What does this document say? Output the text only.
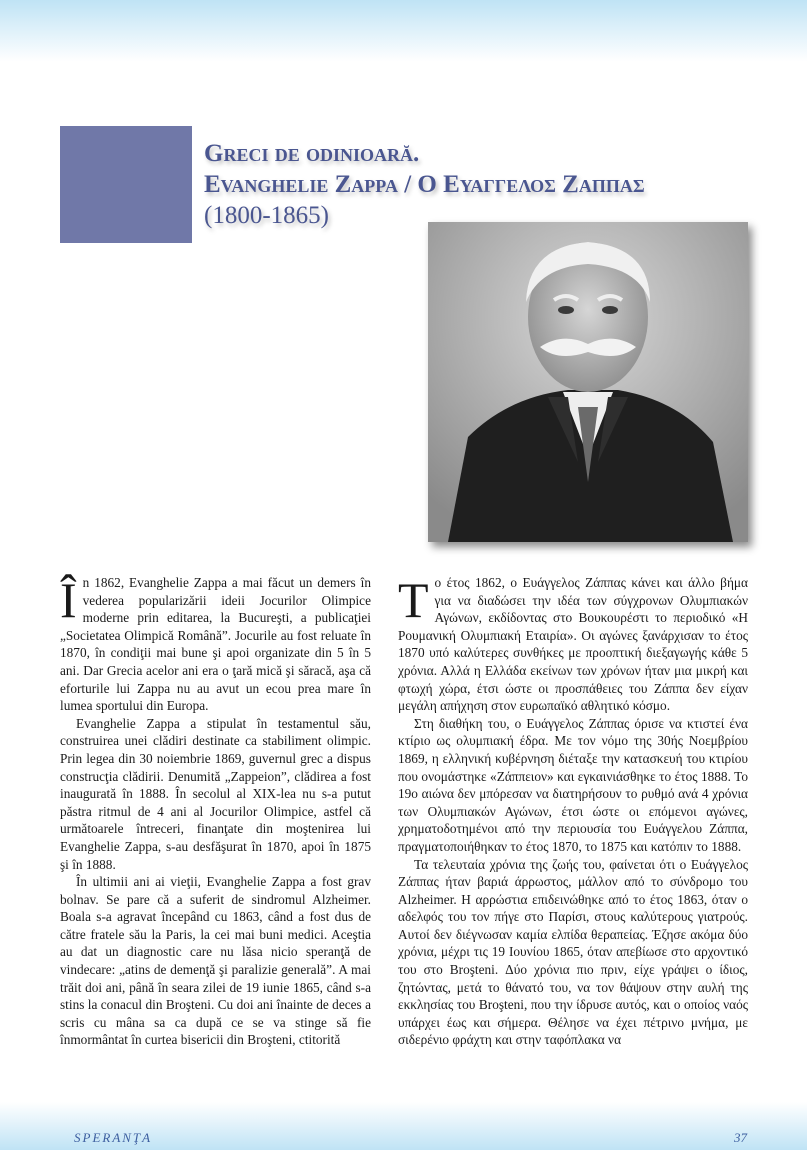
Greci de odinioară.
Evanghelie Zappa / Ο Ευαγγελος Ζαππας
(1800-1865)

În 1862, Evanghelie Zappa a mai făcut un demers în vederea popularizării ideii Jocurilor Olimpice moderne prin editarea, la Bucureşti, a publicaţiei „Societatea Olimpică Română”. Jocurile au fost reluate în 1870, în condiţii mai bune şi apoi organizate din 5 în 5 ani. Dar Grecia acelor ani era o ţară mică şi săracă, aşa că eforturile lui Zappa nu au avut un ecou prea mare în lumea sportului din Europa.

Evanghelie Zappa a stipulat în testamentul său, construirea unei clădiri destinate ca stabiliment olimpic. Prin legea din 30 noiembrie 1869, guvernul grec a dispus construcţia clădirii. Denumită „Zappeion”, clădirea a fost inaugurată în 1888. În secolul al XIX-lea nu s-a putut păstra ritmul de 4 ani al Jocurilor Olimpice, astfel că următoarele întreceri, finanţate din moştenirea lui Evanghelie Zappa, s-au desfăşurat în 1870, apoi în 1875 şi în 1888.

În ultimii ani ai vieţii, Evanghelie Zappa a fost grav bolnav. Se pare că a suferit de sindromul Alzheimer. Boala s-a agravat începând cu 1863, când a fost dus de către fratele său la Paris, la cei mai buni medici. Aceştia au dat un diagnostic care nu lăsa nicio speranţă de vindecare: „atins de demenţă şi paralizie generală”. A mai trăit doi ani, până în seara zilei de 19 iunie 1865, când s-a stins la conacul din Broşteni. Cu doi ani înainte de deces a scris cu mâna sa ca după ce se va stinge să fie înmormântat în curtea bisericii din Broşteni, ctitorită

Το έτος 1862, ο Ευάγγελος Ζάππας κάνει και άλλο βήμα για να διαδώσει την ιδέα των σύγχρονων Ολυμπιακών Αγώνων, εκδίδοντας στο Βουκουρέστι το περιοδικό «Η Ρουμανική Ολυμπιακή Εταιρία». Οι αγώνες ξανάρχισαν το έτος 1870 υπό καλύτερες συνθήκες με προοπτική διεξαγωγής κάθε 5 χρόνια. Αλλά η Ελλάδα εκείνων των χρόνων ήταν μια μικρή και φτωχή χώρα, έτσι ώστε οι προσπάθειες του Ζάππα δεν είχαν μεγάλη απήχηση στον ευρωπαϊκό αθλητικό κόσμο.

Στη διαθήκη του, ο Ευάγγελος Ζάππας όρισε να κτιστεί ένα κτίριο ως ολυμπιακή έδρα. Με τον νόμο της 30ής Νοεμβρίου 1869, η ελληνική κυβέρνηση διέταξε την κατασκευή του κτιρίου που ονομάστηκε «Ζάππειον» και εγκαινιάσθηκε το έτος 1888. Το 19ο αιώνα δεν μπόρεσαν να διατηρήσουν το ρυθμό ανά 4 χρόνια των Ολυμπιακών Αγώνων, έτσι ώστε οι επόμενοι αγώνες, χρηματοδοτημένοι από την περιουσία του Ευάγγελου Ζάππα, πραγματοποιήθηκαν το έτος 1870, το 1875 και κατόπιν το 1888.

Τα τελευταία χρόνια της ζωής του, φαίνεται ότι ο Ευάγγελος Ζάππας ήταν βαριά άρρωστος, μάλλον από το σύνδρομο του Alzheimer. Η αρρώστια επιδεινώθηκε από το έτος 1863, όταν ο αδελφός του τον πήγε στο Παρίσι, στους καλύτερους γιατρούς. Αυτοί δεν διέγνωσαν καμία ελπίδα θεραπείας. Έζησε ακόμα δύο χρόνια, μέχρι τις 19 Ιουνίου 1865, όταν απεβίωσε στο αρχοντικό του στο Broşteni. Δύο χρόνια πιο πριν, είχε γράψει ο ίδιος, ζητώντας, μετά το θάνατό του, να τον θάψουν στην αυλή της εκκλησίας του Broşteni, που την ίδρυσε αυτός, και ο οποίος ναός υπάρχει έως και σήμερα. Θέλησε να έχει πέτρινο μνήμα, με σιδερένιο φράχτη και στην ταφόπλακα να

SPERANŢA	37
